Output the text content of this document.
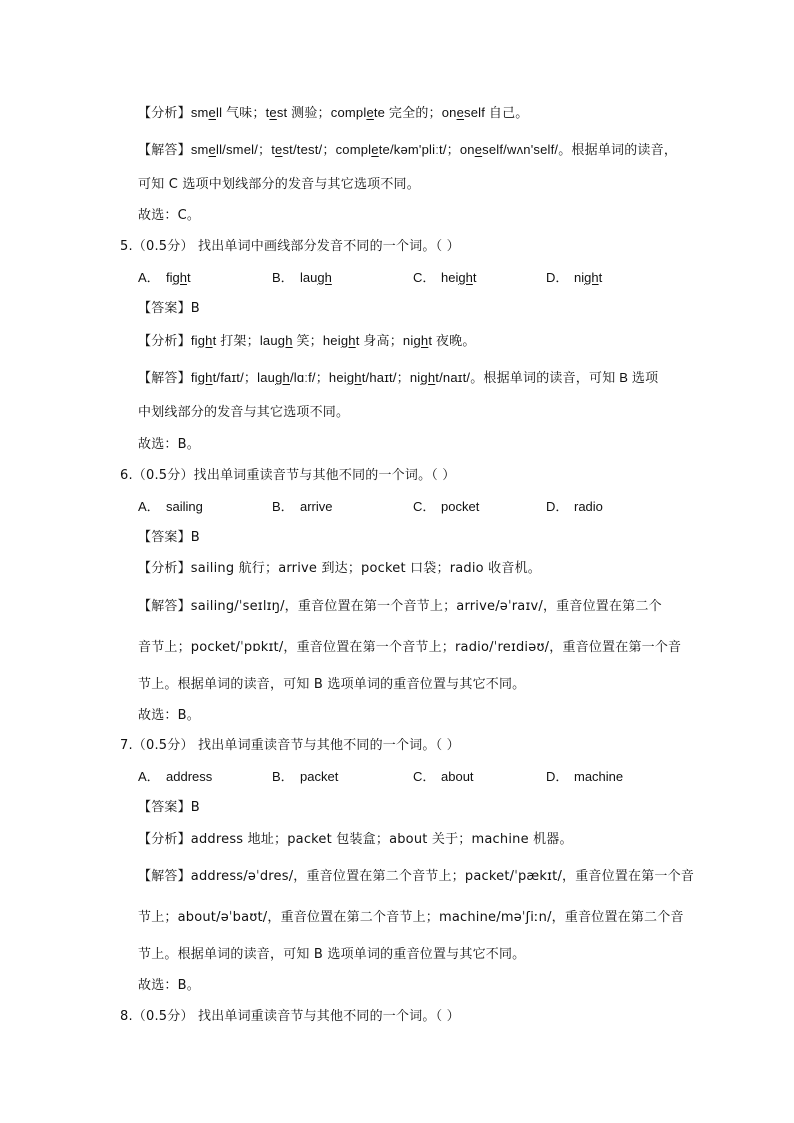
【分析】smell 气味；test 测验；complete 完全的；oneself 自己。
【解答】smell/smel/；test/test/；complete/kəm'pliːt/；oneself/wʌn'self/。根据单词的读音，
可知 C 选项中划线部分的发音与其它选项不同。
故选：C。
5.（0.5分） 找出单词中画线部分发音不同的一个词。（ ）
A． fight	B． laugh	C． height	D． night
【答案】B
【分析】fight 打架；laugh 笑；height 身高；night 夜晚。
【解答】fight/faɪt/；laugh/lɑːf/；height/haɪt/；night/naɪt/。根据单词的读音，可知 B 选项
中划线部分的发音与其它选项不同。
故选：B。
6.（0.5分）找出单词重读音节与其他不同的一个词。（ ）
A． sailing	B． arrive	C． pocket	D． radio
【答案】B
【分析】sailing 航行；arrive 到达；pocket 口袋；radio 收音机。
【解答】sailing/ˈseɪlɪŋ/，重音位置在第一个音节上；arrive/əˈraɪv/，重音位置在第二个
音节上；pocket/ˈpɒkɪt/，重音位置在第一个音节上；radio/ˈreɪdiəʊ/，重音位置在第一个音
节上。根据单词的读音，可知 B 选项单词的重音位置与其它不同。
故选：B。
7.（0.5分） 找出单词重读音节与其他不同的一个词。（ ）
A． address	B． packet	C． about	D． machine
【答案】B
【分析】address 地址；packet 包装盒；about 关于；machine 机器。
【解答】address/əˈdres/，重音位置在第二个音节上；packet/ˈpækɪt/，重音位置在第一个音
节上；about/əˈbaʊt/，重音位置在第二个音节上；machine/məˈʃiːn/，重音位置在第二个音
节上。根据单词的读音，可知 B 选项单词的重音位置与其它不同。
故选：B。
8.（0.5分） 找出单词重读音节与其他不同的一个词。（ ）
